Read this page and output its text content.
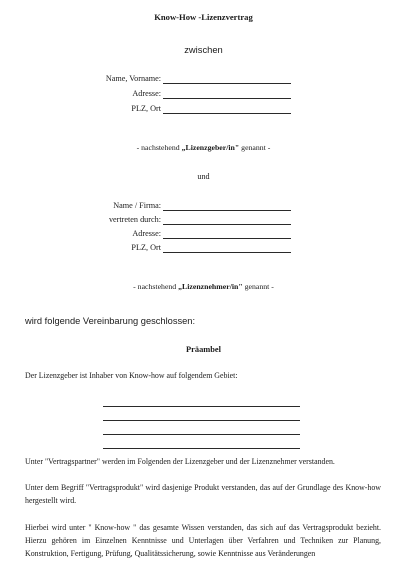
Know-How -Lizenzvertrag
zwischen
Name, Vorname:
Adresse:
PLZ, Ort
- nachstehend „Lizenzgeber/in" genannt -
und
Name / Firma:
vertreten durch:
Adresse:
PLZ, Ort
- nachstehend „Lizenznehmer/in" genannt -
wird folgende Vereinbarung geschlossen:
Präambel
Der Lizenzgeber ist Inhaber von Know-how auf folgendem Gebiet:
Unter "Vertragspartner" werden im Folgenden der Lizenzgeber und der Lizenznehmer verstanden.
Unter dem Begriff "Vertragsprodukt" wird dasjenige Produkt verstanden, das auf der Grundlage des Know-how hergestellt wird.
Hierbei wird unter " Know-how " das gesamte Wissen verstanden, das sich auf das Vertragsprodukt bezieht. Hierzu gehören im Einzelnen Kenntnisse und Unterlagen über Verfahren und Techniken zur Planung, Konstruktion, Fertigung, Prüfung, Qualitätssicherung, sowie Kenntnisse aus Veränderungen
